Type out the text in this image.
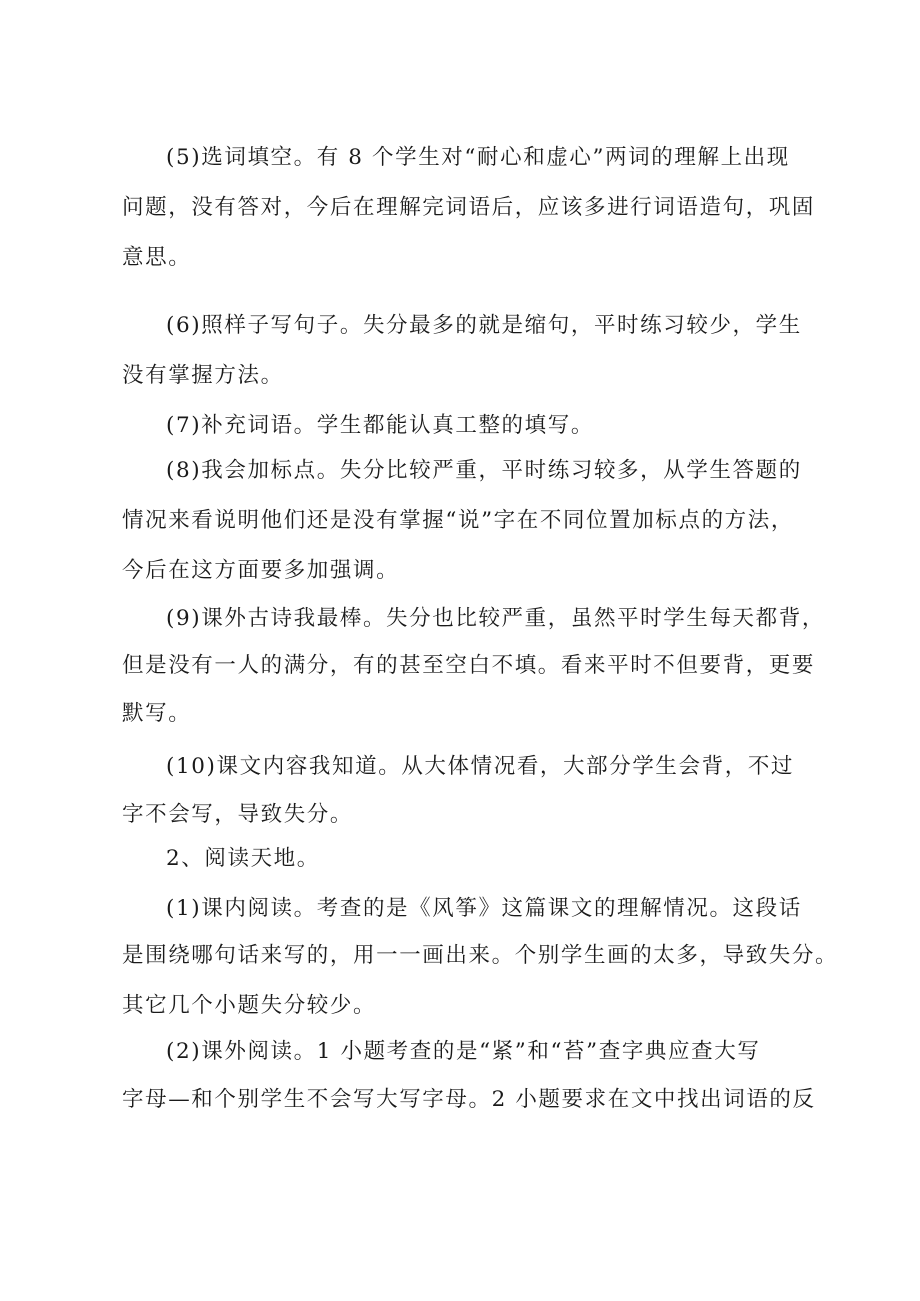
(5)选词填空。有 8 个学生对“耐心和虚心”两词的理解上出现
问题，没有答对，今后在理解完词语后，应该多进行词语造句，巩固
意思。
(6)照样子写句子。失分最多的就是缩句，平时练习较少，学生
没有掌握方法。
(7)补充词语。学生都能认真工整的填写。
(8)我会加标点。失分比较严重，平时练习较多，从学生答题的
情况来看说明他们还是没有掌握“说”字在不同位置加标点的方法，
今后在这方面要多加强调。
(9)课外古诗我最棒。失分也比较严重，虽然平时学生每天都背，
但是没有一人的满分，有的甚至空白不填。看来平时不但要背，更要
默写。
(10)课文内容我知道。从大体情况看，大部分学生会背，不过
字不会写，导致失分。
2、阅读天地。
(1)课内阅读。考查的是《风筝》这篇课文的理解情况。这段话
是围绕哪句话来写的，用一一画出来。个别学生画的太多，导致失分。
其它几个小题失分较少。
(2)课外阅读。1 小题考查的是“紧”和“苔”查字典应查大写
字母—和个别学生不会写大写字母。2 小题要求在文中找出词语的反
